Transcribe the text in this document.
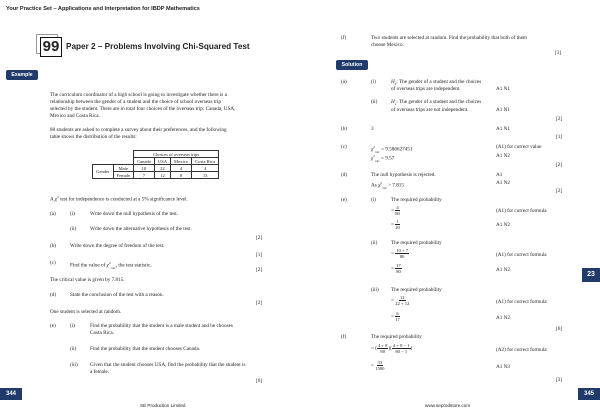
Your Practice Set – Applications and Interpretation for IBDP Mathematics
99 Paper 2 – Problems Involving Chi-Squared Test
Example
The curriculum coordinator of a high school is going to investigate whether there is a
relationship between the gender of a student and the choice of school overseas trip
selected by the student. There are in total four choices of the overseas trip: Canada, USA,
Mexico and Costa Rica.
80 students are asked to complete a survey about their preferences, and the following
table shows the distribution of the results:
		Choices of overseas trips			
		Canada	USA	Mexico	Costa Rica
Gender	Male	10	22	4	4
	Female	7	12	8	13
A $\chi^2$ test for independence is conducted at a 5% significance level.
(a)	(i)	Write down the null hypothesis of the test.
(ii)	Write down the alternative hypothesis of the test.
[2]
(b)	Write down the degree of freedom of the test.
[1]
(c)	Find the value of $\chi^2_{calc}$, the test statistic.
[2]
The critical value is given by 7.815.
(d)	State the conclusion of the test with a reason.
[2]
One student is selected at random.
(e)	(i)	Find the probability that the student is a male student and he chooses
Costa Rica.
(ii)	Find the probability that the student chooses Canada.
(iii) Given that the student chooses USA, find the probability that the student is
a female.
[6]
(f)	Two students are selected at random. Find the probability that both of them
choose Mexico.
[3]
Solution
(a)	(i)	$H_0$: The gender of a student and the choices
of overseas trips are independent.	A1 N1
(ii)	$H_1$: The gender of a student and the choices
of overseas trips are not independent.	A1 N1
[2]
(b)	3	A1 N1
[1]
(c)	$\chi^2_{calc} = 9.586627451$	(A1) for correct value
$\chi^2_{calc} = 9.57$	A1 N2
[2]
(d)	The null hypothesis is rejected.	A1
As $\chi^2_{calc} > 7.815$	A1 N2
[2]
(e)	(i)	The required probability
= $\frac{4}{80}$	(A1) for correct formula
= $\frac{1}{20}$	A1 N2
(ii)	The required probability
= $\frac{10 + 7}{80}$	(A1) for correct formula
= $\frac{17}{80}$	A1 N2
(iii) The required probability
= $\frac{12}{22 + 12}$	(A1) for correct formula
= $\frac{6}{17}$	A1 N2
[6]
(f)	The required probability
= ( $\frac{4 + 8}{80}$ )( $\frac{4 + 8 - 1}{80 - 1}$ )	(A2) for correct formula
= $\frac{33}{1580}$	A1 N3
[3]
23
344	345
SE Production Limited	www.seprodstore.com
